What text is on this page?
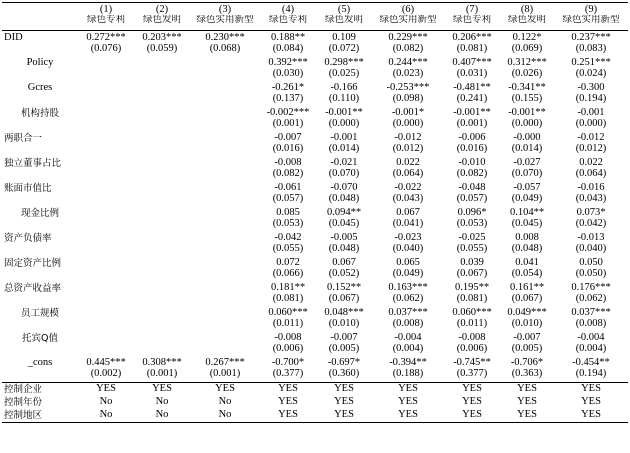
	(1)	(2)	(3)	(4)	(5)	(6)	(7)	(8)	(9)
	绿色专利	绿色发明	绿色实用新型	绿色专利	绿色发明	绿色实用新型	绿色专利	绿色发明	绿色实用新型
DID	0.272***	0.203***	0.230***	0.188**	0.109	0.229***	0.206***	0.122*	0.237***
	(0.076)	(0.059)	(0.068)	(0.084)	(0.072)	(0.082)	(0.081)	(0.069)	(0.083)
Policy				0.392***	0.298***	0.244***	0.407***	0.312***	0.251***
				(0.030)	(0.025)	(0.023)	(0.031)	(0.026)	(0.024)
Gcres				-0.261*	-0.166	-0.253***	-0.481**	-0.341**	-0.300
				(0.137)	(0.110)	(0.098)	(0.241)	(0.155)	(0.194)
机构持股				-0.002***	-0.001**	-0.001*	-0.001**	-0.001**	-0.001
				(0.001)	(0.000)	(0.000)	(0.001)	(0.000)	(0.000)
两职合一				-0.007	-0.001	-0.012	-0.006	-0.000	-0.012
				(0.016)	(0.014)	(0.012)	(0.016)	(0.014)	(0.012)
独立董事占比				-0.008	-0.021	0.022	-0.010	-0.027	0.022
				(0.082)	(0.070)	(0.064)	(0.082)	(0.070)	(0.064)
账面市值比				-0.061	-0.070	-0.022	-0.048	-0.057	-0.016
				(0.057)	(0.048)	(0.043)	(0.057)	(0.049)	(0.043)
现金比例				0.085	0.094**	0.067	0.096*	0.104**	0.073*
				(0.053)	(0.045)	(0.041)	(0.053)	(0.045)	(0.042)
资产负债率				-0.042	-0.005	-0.023	-0.025	0.008	-0.013
				(0.055)	(0.048)	(0.040)	(0.055)	(0.048)	(0.040)
固定资产比例				0.072	0.067	0.065	0.039	0.041	0.050
				(0.066)	(0.052)	(0.049)	(0.067)	(0.054)	(0.050)
总资产收益率				0.181**	0.152**	0.163***	0.195**	0.161**	0.176***
				(0.081)	(0.067)	(0.062)	(0.081)	(0.067)	(0.062)
员工规模				0.060***	0.048***	0.037***	0.060***	0.049***	0.037***
				(0.011)	(0.010)	(0.008)	(0.011)	(0.010)	(0.008)
托宾Q值				-0.008	-0.007	-0.004	-0.008	-0.007	-0.004
				(0.006)	(0.005)	(0.004)	(0.006)	(0.005)	(0.004)
_cons	0.445***	0.308***	0.267***	-0.700*	-0.697*	-0.394**	-0.745**	-0.706*	-0.454**
	(0.002)	(0.001)	(0.001)	(0.377)	(0.360)	(0.188)	(0.377)	(0.363)	(0.194)
控制企业	YES	YES	YES	YES	YES	YES	YES	YES	YES
控制年份	No	No	No	YES	YES	YES	YES	YES	YES
控制地区	No	No	No	YES	YES	YES	YES	YES	YES
